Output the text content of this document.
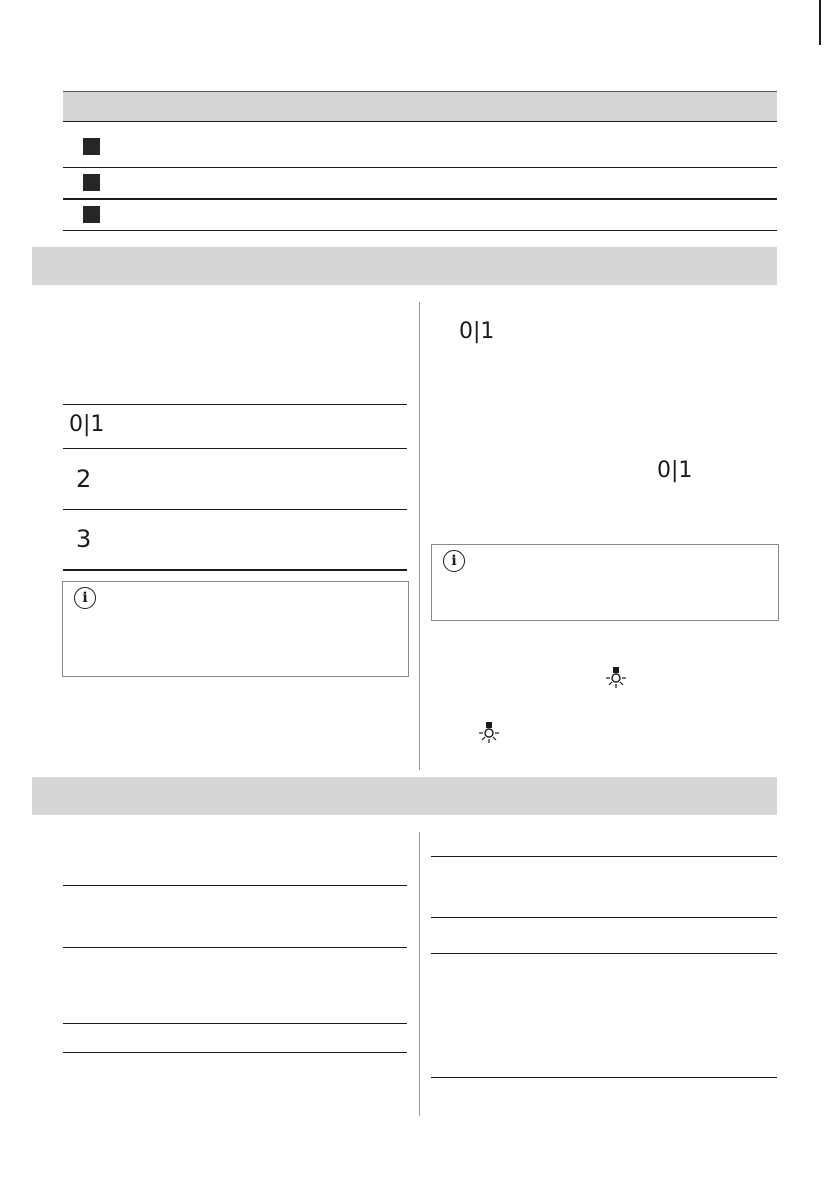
0|1
2
3
i
0|1
0|1
i
